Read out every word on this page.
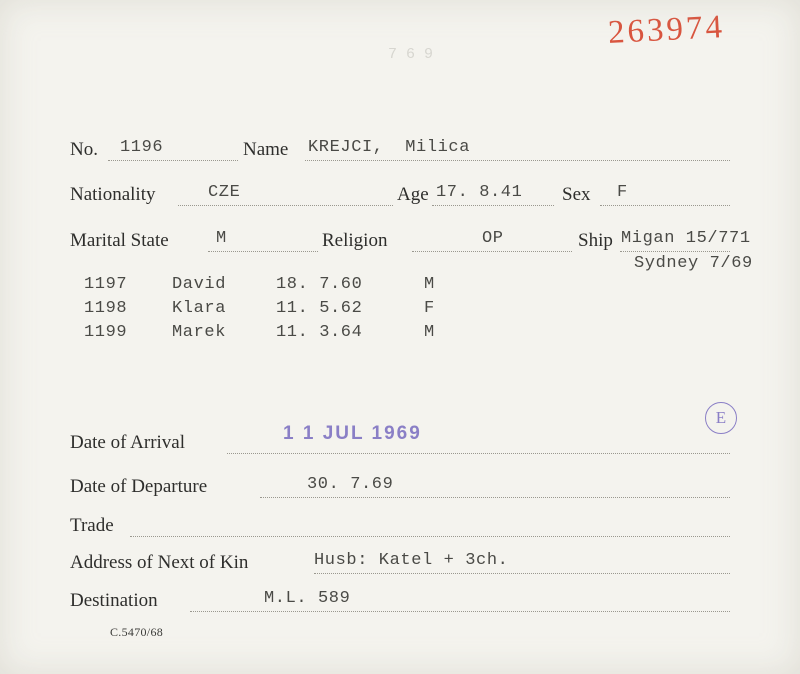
263974
7 6 9
No. 1196	Name KREJCI,  Milica
Nationality	CZE	Age 17. 8.41 Sex F
Marital State	M	Religion	OP	Ship Migan 15/771
Sydney 7/69
1197	David	18. 7.60	M
1198	Klara	11. 5.62	F
1199	Marek	11. 3.64	M
E
Date of Arrival	1 1 JUL 1969
Date of Departure	30. 7.69
Trade
Address of Next of Kin	Husb: Katel + 3ch.
Destination	M.L. 589
C.5470/68
